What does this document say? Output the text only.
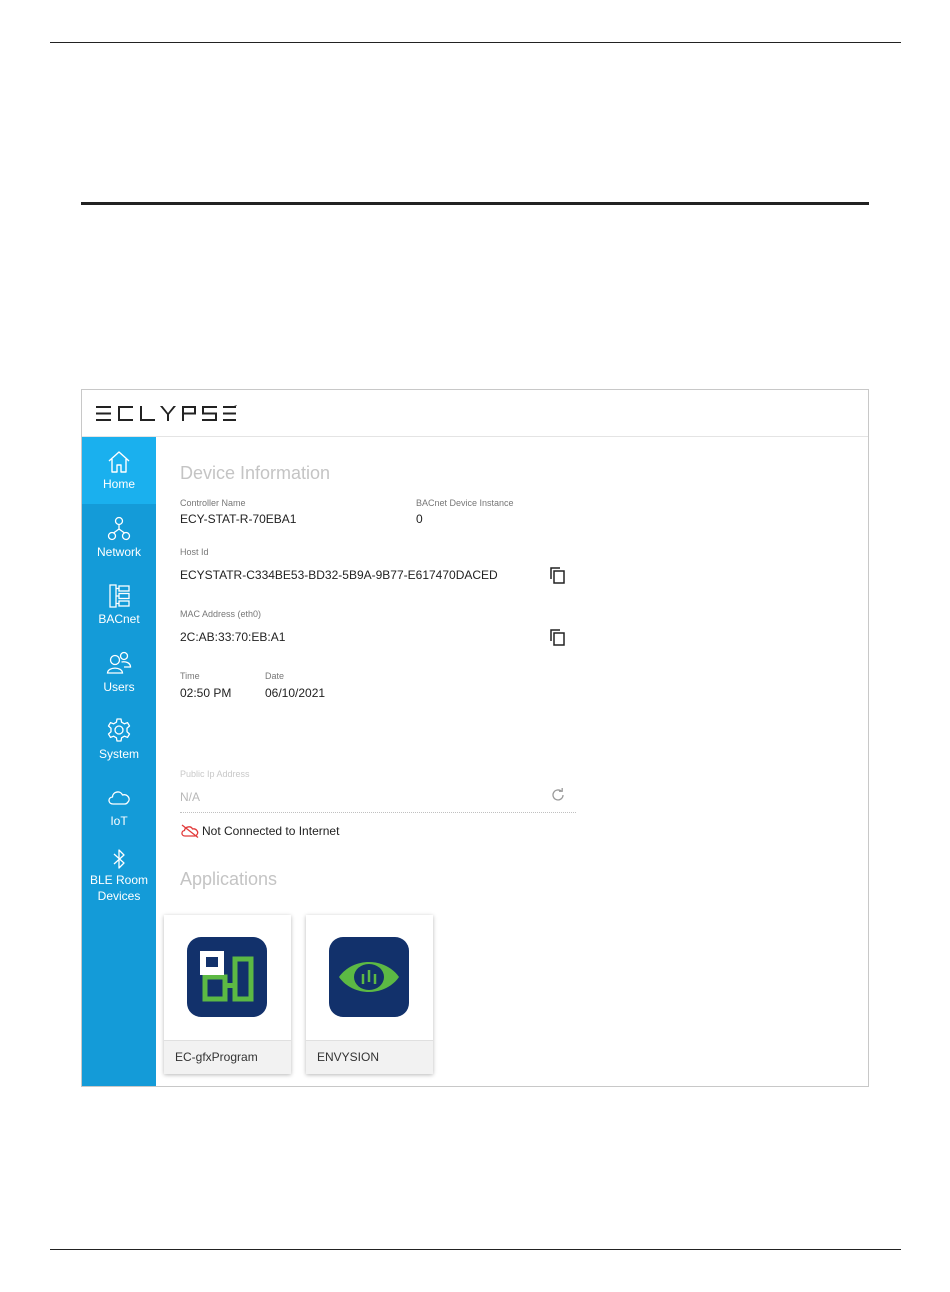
™
Home
Network
BACnet
Users
System
IoT
BLE Room
Devices
Device Information
Controller Name
ECY-STAT-R-70EBA1
BACnet Device Instance
0
Host Id
ECYSTATR-C334BE53-BD32-5B9A-9B77-E617470DACED
MAC Address (eth0)
2C:AB:33:70:EB:A1
Time
02:50 PM
Date
06/10/2021
Public Ip Address
N/A
Not Connected to Internet
Applications
EC-gfxProgram	ENVYSION
